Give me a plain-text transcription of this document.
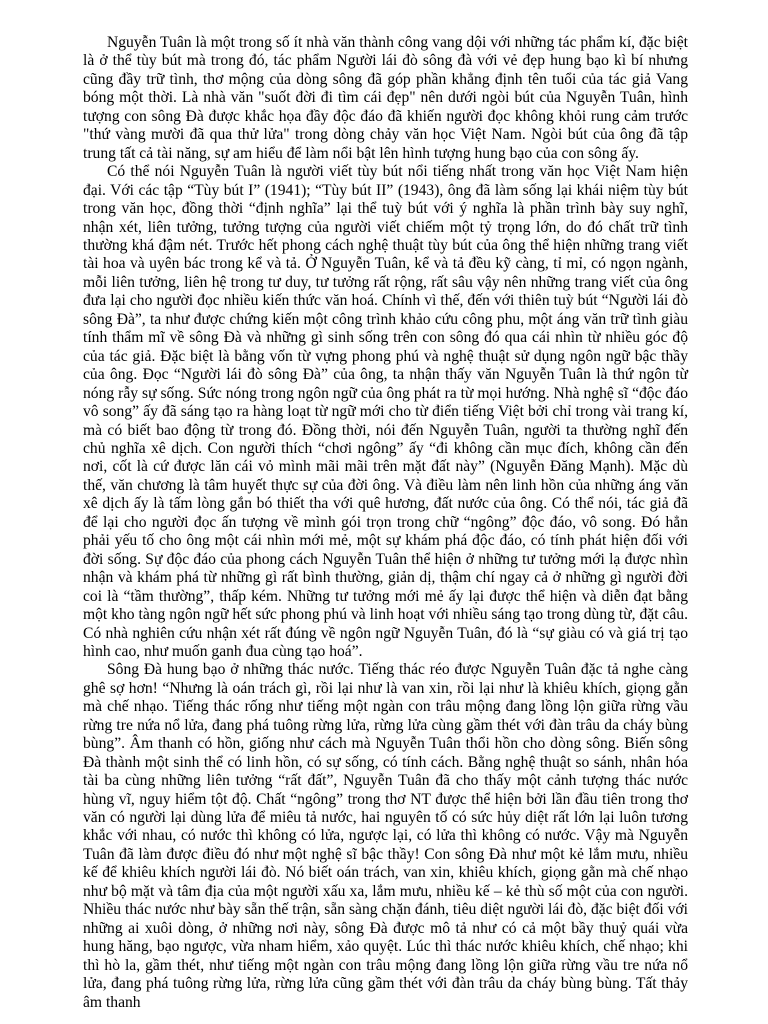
Nguyễn Tuân là một trong số ít nhà văn thành công vang dội với những tác phẩm kí, đặc biệt là ở thể tùy bút mà trong đó, tác phẩm Người lái đò sông đà với vẻ đẹp hung bạo kì bí nhưng cũng đầy trữ tình, thơ mộng của dòng sông đã góp phần khẳng định tên tuổi của tác giả Vang bóng một thời. Là nhà văn "suốt đời đi tìm cái đẹp" nên dưới ngòi bút của Nguyễn Tuân, hình tượng con sông Đà được khắc họa đầy độc đáo đã khiến người đọc không khỏi rung cảm trước "thứ vàng mười đã qua thử lửa" trong dòng chảy văn học Việt Nam. Ngòi bút của ông đã tập trung tất cả tài năng, sự am hiểu để làm nổi bật lên hình tượng hung bạo của con sông ấy.

Có thể nói Nguyễn Tuân là người viết tùy bút nổi tiếng nhất trong văn học Việt Nam hiện đại. Với các tập “Tùy bút I” (1941); “Tùy bút II” (1943), ông đã làm sống lại khái niệm tùy bút trong văn học, đồng thời “định nghĩa” lại thể tuỳ bút với ý nghĩa là phần trình bày suy nghĩ, nhận xét, liên tưởng, tưởng tượng của người viết chiếm một tỷ trọng lớn, do đó chất trữ tình thường khá đậm nét. Trước hết phong cách nghệ thuật tùy bút của ông thể hiện những trang viết tài hoa và uyên bác trong kể và tả. Ở Nguyễn Tuân, kể và tả đều kỹ càng, tỉ mỉ, có ngọn ngành, mỗi liên tưởng, liên hệ trong tư duy, tư tưởng rất rộng, rất sâu vậy nên những trang viết của ông đưa lại cho người đọc nhiều kiến thức văn hoá. Chính vì thế, đến với thiên tuỳ bút “Người lái đò sông Đà”, ta như được chứng kiến một công trình khảo cứu công phu, một áng văn trữ tình giàu tính thẩm mĩ về sông Đà và những gì sinh sống trên con sông đó qua cái nhìn từ nhiều góc độ của tác giả. Đặc biệt là bằng vốn từ vựng phong phú và nghệ thuật sử dụng ngôn ngữ bậc thầy của ông. Đọc “Người lái đò sông Đà” của ông, ta nhận thấy văn Nguyễn Tuân là thứ ngôn từ nóng rẫy sự sống. Sức nóng trong ngôn ngữ của ông phát ra từ mọi hướng. Nhà nghệ sĩ “độc đáo vô song” ấy đã sáng tạo ra hàng loạt từ ngữ mới cho từ điển tiếng Việt bởi chỉ trong vài trang kí, mà có biết bao động từ trong đó. Đồng thời, nói đến Nguyễn Tuân, người ta thường nghĩ đến chủ nghĩa xê dịch. Con người thích “chơi ngông” ấy “đi không cần mục đích, không cần đến nơi, cốt là cứ được lăn cái vỏ mình mãi mãi trên mặt đất này” (Nguyễn Đăng Mạnh). Mặc dù thế, văn chương là tâm huyết thực sự của đời ông. Và điều làm nên linh hồn của những áng văn xê dịch ấy là tấm lòng gắn bó thiết tha với quê hương, đất nước của ông. Có thể nói, tác giả đã để lại cho người đọc ấn tượng về mình gói trọn trong chữ “ngông” độc đáo, vô song. Đó hẳn phải yếu tố cho ông một cái nhìn mới mẻ, một sự khám phá độc đáo, có tính phát hiện đối với đời sống. Sự độc đáo của phong cách Nguyễn Tuân thể hiện ở những tư tưởng mới lạ được nhìn nhận và khám phá từ những gì rất bình thường, giản dị, thậm chí ngay cả ở những gì người đời coi là “tầm thường”, thấp kém. Những tư tưởng mới mẻ ấy lại được thể hiện và diễn đạt bằng một kho tàng ngôn ngữ hết sức phong phú và linh hoạt với nhiều sáng tạo trong dùng từ, đặt câu. Có nhà nghiên cứu nhận xét rất đúng về ngôn ngữ Nguyễn Tuân, đó là “sự giàu có và giá trị tạo hình cao, như muốn ganh đua cùng tạo hoá”.

Sông Đà hung bạo ở những thác nước. Tiếng thác réo được Nguyễn Tuân đặc tả nghe càng ghê sợ hơn! “Nhưng là oán trách gì, rồi lại như là van xin, rồi lại như là khiêu khích, giọng gằn mà chế nhạo. Tiếng thác rống như tiếng một ngàn con trâu mộng đang lồng lộn giữa rừng vầu rừng tre nứa nổ lửa, đang phá tuông rừng lửa, rừng lửa cùng gầm thét với đàn trâu da cháy bùng bùng”. Âm thanh có hồn, giống như cách mà Nguyễn Tuân thổi hồn cho dòng sông. Biến sông Đà thành một sinh thể có linh hồn, có sự sống, có tính cách. Bằng nghệ thuật so sánh, nhân hóa tài ba cùng những liên tưởng “rất đất”, Nguyễn Tuân đã cho thấy một cảnh tượng thác nước hùng vĩ, nguy hiểm tột độ. Chất “ngông” trong thơ NT được thể hiện bởi lần đầu tiên trong thơ văn có người lại dùng lửa để miêu tả nước, hai nguyên tố có sức hủy diệt rất lớn lại luôn tương khắc với nhau, có nước thì không có lửa, ngược lại, có lửa thì không có nước. Vậy mà Nguyễn Tuân đã làm được điều đó như một nghệ sĩ bậc thầy! Con sông Đà như một kẻ lắm mưu, nhiều kế để khiêu khích người lái đò. Nó biết oán trách, van xin, khiêu khích, giọng gằn mà chế nhạo như bộ mặt và tâm địa của một người xấu xa, lắm mưu, nhiều kế – kẻ thù số một của con người. Nhiều thác nước như bày sẵn thế trận, sẵn sàng chặn đánh, tiêu diệt người lái đò, đặc biệt đối với những ai xuôi dòng, ở những nơi này, sông Đà được mô tả như có cả một bầy thuỷ quái vừa hung hăng, bạo ngược, vừa nham hiểm, xảo quyệt. Lúc thì thác nước khiêu khích, chế nhạo; khi thì hò la, gầm thét, như tiếng một ngàn con trâu mộng đang lồng lộn giữa rừng vầu tre nứa nổ lửa, đang phá tuông rừng lửa, rừng lửa cũng gầm thét với đàn trâu da cháy bùng bùng. Tất thảy âm thanh
